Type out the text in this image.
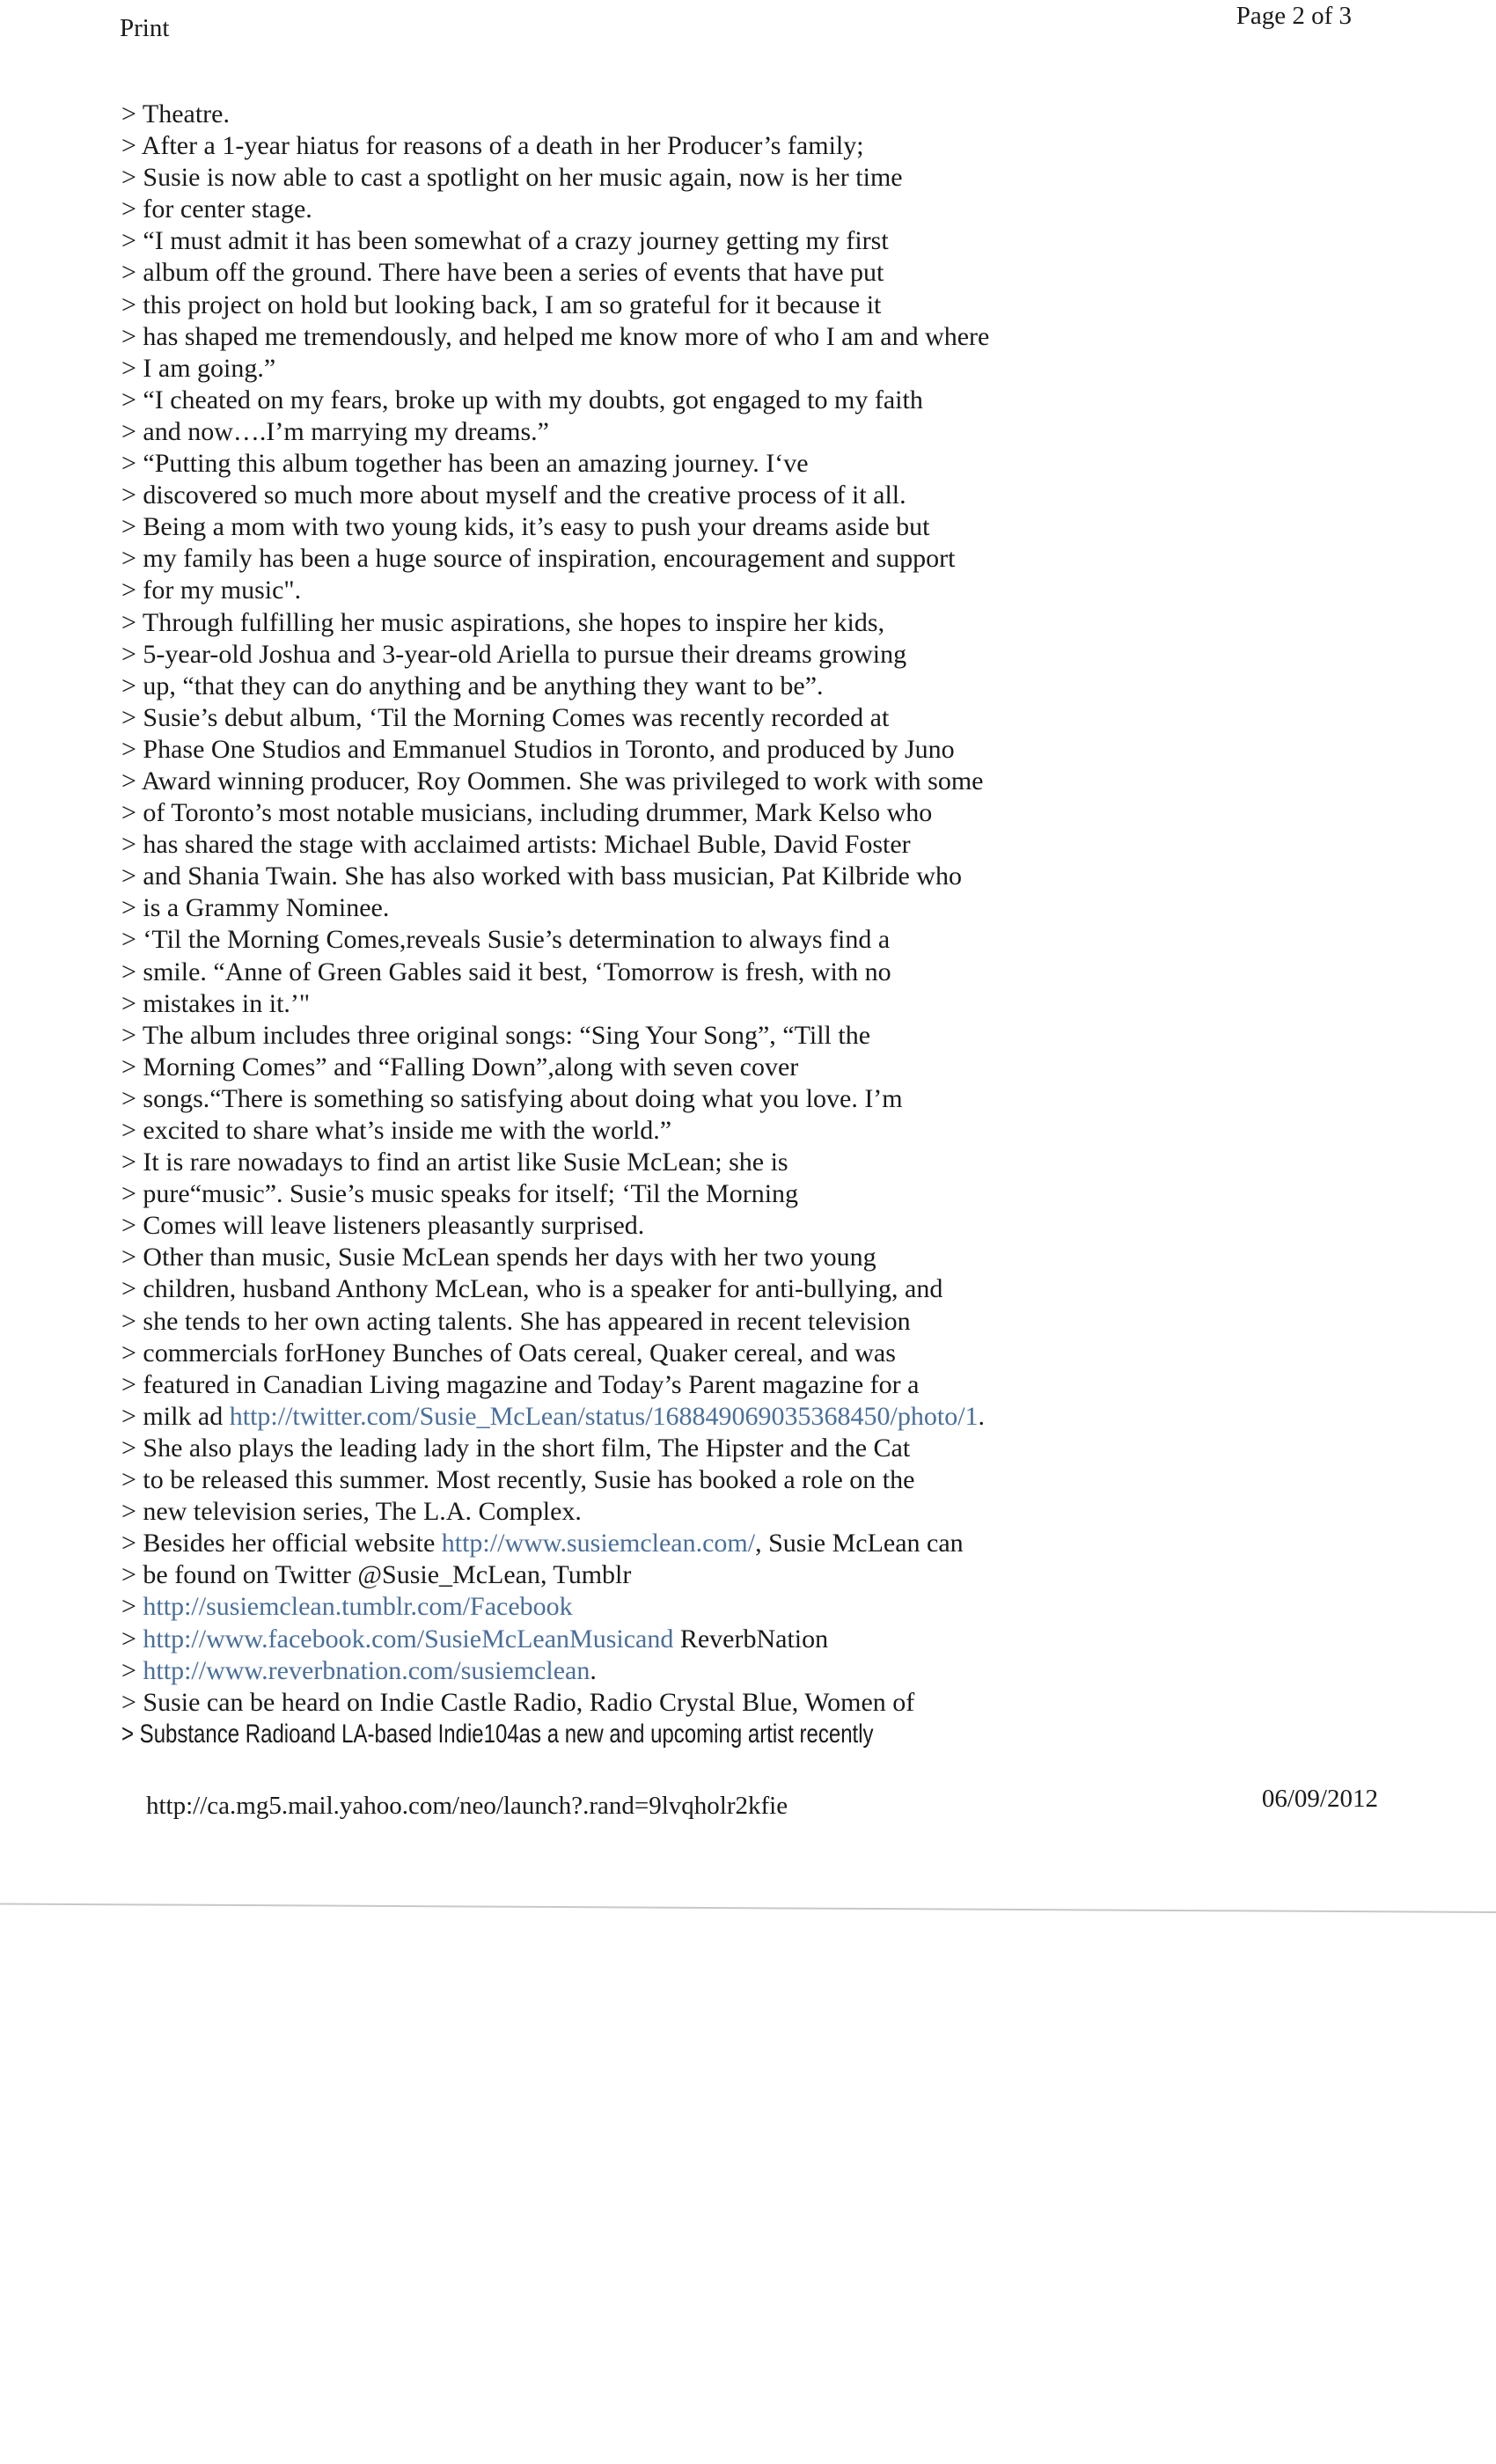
Print	Page 2 of 3
> Theatre.
> After a 1-year hiatus for reasons of a death in her Producer’s family;
> Susie is now able to cast a spotlight on her music again, now is her time
> for center stage.
> “I must admit it has been somewhat of a crazy journey getting my first
> album off the ground. There have been a series of events that have put
> this project on hold but looking back, I am so grateful for it because it
> has shaped me tremendously, and helped me know more of who I am and where
> I am going.”
> “I cheated on my fears, broke up with my doubts, got engaged to my faith
> and now….I’m marrying my dreams.”
> “Putting this album together has been an amazing journey. I‘ve
> discovered so much more about myself and the creative process of it all.
> Being a mom with two young kids, it’s easy to push your dreams aside but
> my family has been a huge source of inspiration, encouragement and support
> for my music".
> Through fulfilling her music aspirations, she hopes to inspire her kids,
> 5-year-old Joshua and 3-year-old Ariella to pursue their dreams growing
> up, “that they can do anything and be anything they want to be”.
> Susie’s debut album, ‘Til the Morning Comes was recently recorded at
> Phase One Studios and Emmanuel Studios in Toronto, and produced by Juno
> Award winning producer, Roy Oommen. She was privileged to work with some
> of Toronto’s most notable musicians, including drummer, Mark Kelso who
> has shared the stage with acclaimed artists: Michael Buble, David Foster
> and Shania Twain. She has also worked with bass musician, Pat Kilbride who
> is a Grammy Nominee.
> ‘Til the Morning Comes,reveals Susie’s determination to always find a
> smile. “Anne of Green Gables said it best, ‘Tomorrow is fresh, with no
> mistakes in it.’"
> The album includes three original songs: “Sing Your Song”, “Till the
> Morning Comes” and “Falling Down”,along with seven cover
> songs.“There is something so satisfying about doing what you love. I’m
> excited to share what’s inside me with the world.”
> It is rare nowadays to find an artist like Susie McLean; she is
> pure“music”. Susie’s music speaks for itself; ‘Til the Morning
> Comes will leave listeners pleasantly surprised.
> Other than music, Susie McLean spends her days with her two young
> children, husband Anthony McLean, who is a speaker for anti-bullying, and
> she tends to her own acting talents. She has appeared in recent television
> commercials forHoney Bunches of Oats cereal, Quaker cereal, and was
> featured in Canadian Living magazine and Today’s Parent magazine for a
> milk ad http://twitter.com/Susie_McLean/status/168849069035368450/photo/1.
> She also plays the leading lady in the short film, The Hipster and the Cat
> to be released this summer. Most recently, Susie has booked a role on the
> new television series, The L.A. Complex.
> Besides her official website http://www.susiemclean.com/, Susie McLean can
> be found on Twitter @Susie_McLean, Tumblr
> http://susiemclean.tumblr.com/Facebook
> http://www.facebook.com/SusieMcLeanMusicand ReverbNation
> http://www.reverbnation.com/susiemclean.
> Susie can be heard on Indie Castle Radio, Radio Crystal Blue, Women of
> Substance Radioand LA-based Indie104as a new and upcoming artist recently
http://ca.mg5.mail.yahoo.com/neo/launch?.rand=9lvqholr2kfie	06/09/2012
